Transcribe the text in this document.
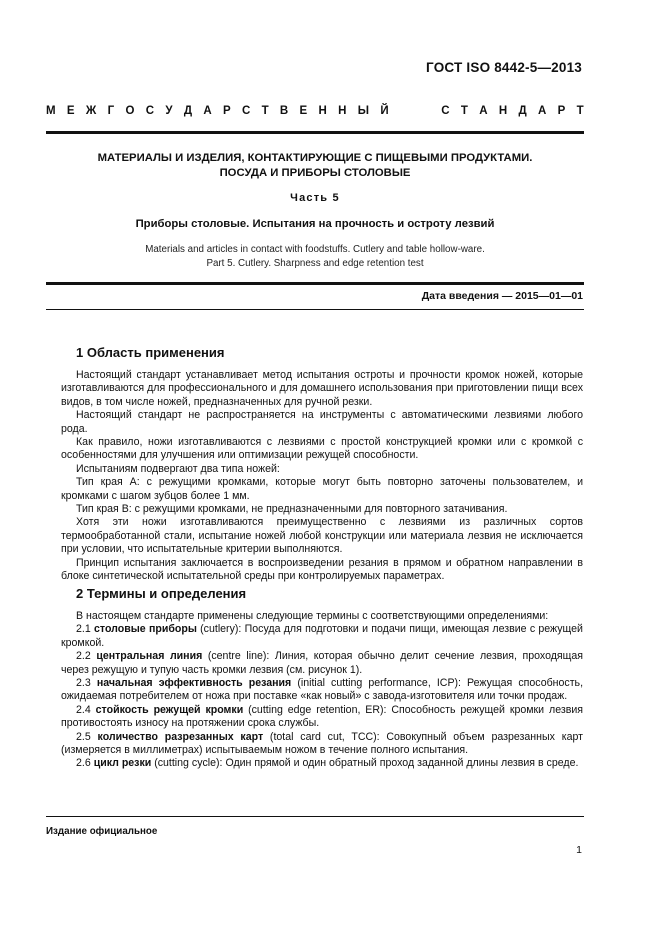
ГОСТ ISO 8442-5—2013
М Е Ж Г О С У Д А Р С Т В Е Н Н Ы Й	С Т А Н Д А Р Т
МАТЕРИАЛЫ И ИЗДЕЛИЯ, КОНТАКТИРУЮЩИЕ С ПИЩЕВЫМИ ПРОДУКТАМИ.
ПОСУДА И ПРИБОРЫ СТОЛОВЫЕ
Часть 5
Приборы столовые. Испытания на прочность и остроту лезвий
Materials and articles in contact with foodstuffs. Cutlery and table hollow-ware.
Part 5. Cutlery. Sharpness and edge retention test
Дата введения — 2015—01—01
1 Область применения

Настоящий стандарт устанавливает метод испытания остроты и прочности кромок ножей, которые изготавливаются для профессионального и для домашнего использования при приготовлении пищи всех видов, в том числе ножей, предназначенных для ручной резки.

Настоящий стандарт не распространяется на инструменты с автоматическими лезвиями любого рода.

Как правило, ножи изготавливаются с лезвиями с простой конструкцией кромки или с кромкой с особенностями для улучшения или оптимизации режущей способности.

Испытаниям подвергают два типа ножей:

Тип края А: с режущими кромками, которые могут быть повторно заточены пользователем, и кромками с шагом зубцов более 1 мм.

Тип края В: с режущими кромками, не предназначенными для повторного затачивания.

Хотя эти ножи изготавливаются преимущественно с лезвиями из различных сортов термообработанной стали, испытание ножей любой конструкции или материала лезвия не исключается при условии, что испытательные критерии выполняются.

Принцип испытания заключается в воспроизведении резания в прямом и обратном направлении в блоке синтетической испытательной среды при контролируемых параметрах.

2 Термины и определения

В настоящем стандарте применены следующие термины с соответствующими определениями:

2.1 столовые приборы (cutlery): Посуда для подготовки и подачи пищи, имеющая лезвие с режущей кромкой.

2.2 центральная линия (centre line): Линия, которая обычно делит сечение лезвия, проходящая через режущую и тупую часть кромки лезвия (см. рисунок 1).

2.3 начальная эффективность резания (initial cutting performance, ICP): Режущая способность, ожидаемая потребителем от ножа при поставке «как новый» с завода-изготовителя или точки продаж.

2.4 стойкость режущей кромки (cutting edge retention, ER): Способность режущей кромки лезвия противостоять износу на протяжении срока службы.

2.5 количество разрезанных карт (total card cut, TCC): Совокупный объем разрезанных карт (измеряется в миллиметрах) испытываемым ножом в течение полного испытания.

2.6 цикл резки (cutting cycle): Один прямой и один обратный проход заданной длины лезвия в среде.

Издание официальное
1
